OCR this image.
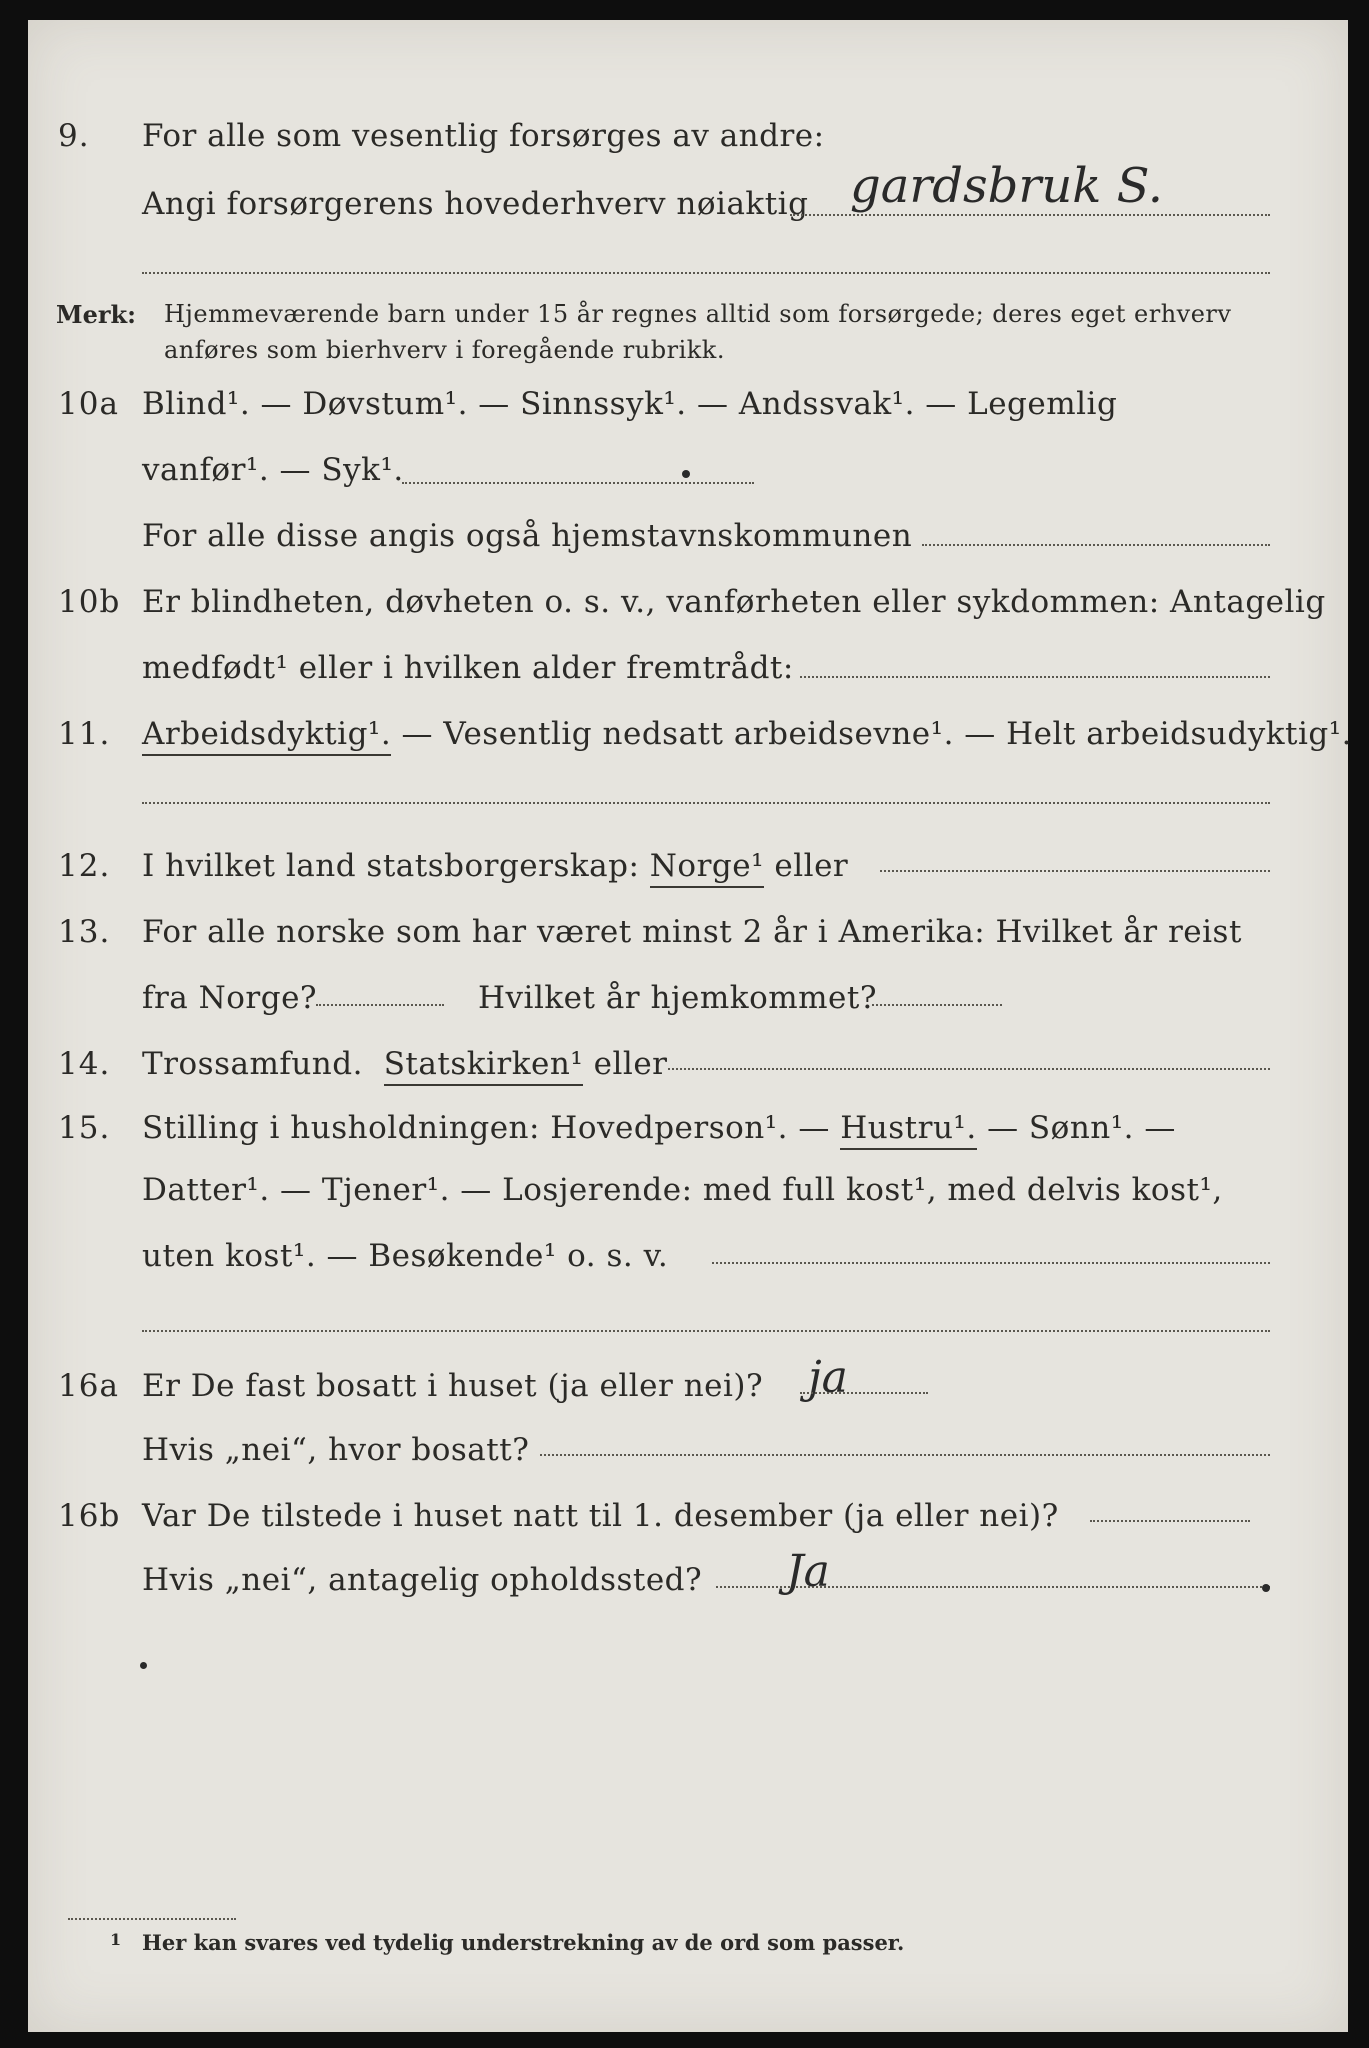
9. For alle som vesentlig forsørges av andre:
Angi forsørgerens hovederhverv nøiaktig gardsbruk S.
Merk: Hjemmeværende barn under 15 år regnes alltid som forsørgede; deres eget erhverv
anføres som bierhverv i foregående rubrikk.
10a Blind¹. — Døvstum¹. — Sinnssyk¹. — Andssvak¹. — Legemlig
vanfør¹. — Syk¹.
For alle disse angis også hjemstavnskommunen
10b Er blindheten, døvheten o. s. v., vanførheten eller sykdommen: Antagelig
medfødt¹ eller i hvilken alder fremtrådt:
11. Arbeidsdyktig¹. — Vesentlig nedsatt arbeidsevne¹. — Helt arbeidsudyktig¹.
12. I hvilket land statsborgerskap: Norge¹ eller
13. For alle norske som har været minst 2 år i Amerika: Hvilket år reist
fra Norge?	Hvilket år hjemkommet?
14. Trossamfund. Statskirken¹ eller
15. Stilling i husholdningen: Hovedperson¹. — Hustru¹. — Sønn¹. —
Datter¹. — Tjener¹. — Losjerende: med full kost¹, med delvis kost¹,
uten kost¹. — Besøkende¹ o. s. v.
16a Er De fast bosatt i huset (ja eller nei)? ja
Hvis „nei“, hvor bosatt?
16b Var De tilstede i huset natt til 1. desember (ja eller nei)?
Hvis „nei“, antagelig opholdssted? Ja
1 Her kan svares ved tydelig understrekning av de ord som passer.
